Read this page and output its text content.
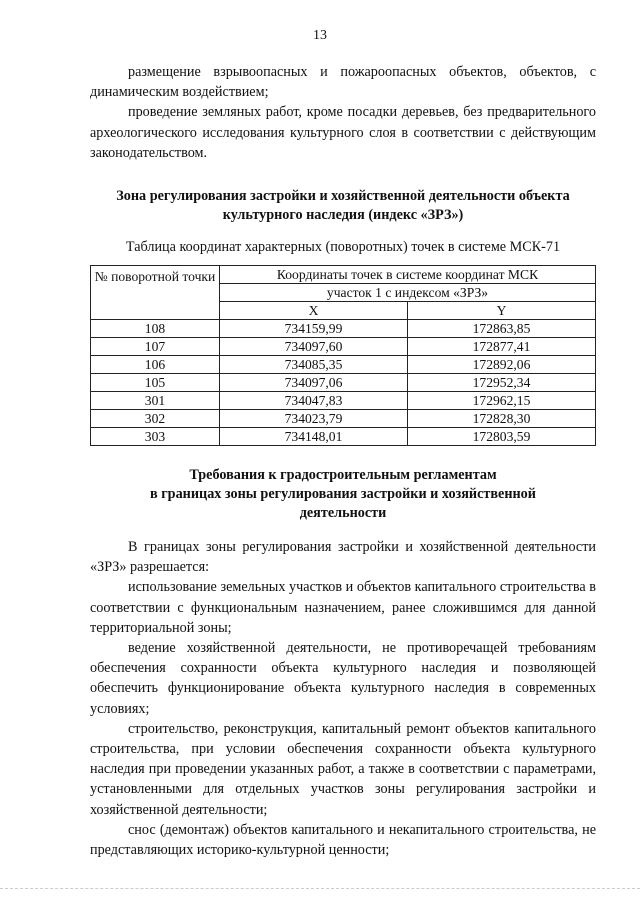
13

размещение взрывоопасных и пожароопасных объектов, объектов, с динамическим воздействием;

проведение земляных работ, кроме посадки деревьев, без предварительного археологического исследования культурного слоя в соответствии с действующим законодательством.

Зона регулирования застройки и хозяйственной деятельности объекта
культурного наследия (индекс «ЗРЗ»)

Таблица координат характерных (поворотных) точек в системе МСК-71

№ поворотной точки	Координаты точек в системе координат МСК	
	участок 1 с индексом «ЗРЗ»	
	X	Y
108	734159,99	172863,85
107	734097,60	172877,41
106	734085,35	172892,06
105	734097,06	172952,34
301	734047,83	172962,15
302	734023,79	172828,30
303	734148,01	172803,59

Требования к градостроительным регламентам
в границах зоны регулирования застройки и хозяйственной
деятельности

В границах зоны регулирования застройки и хозяйственной деятельности «ЗРЗ» разрешается:

использование земельных участков и объектов капитального строительства в соответствии с функциональным назначением, ранее сложившимся для данной территориальной зоны;

ведение хозяйственной деятельности, не противоречащей требованиям обеспечения сохранности объекта культурного наследия и позволяющей обеспечить функционирование объекта культурного наследия в современных условиях;

строительство, реконструкция, капитальный ремонт объектов капитального строительства, при условии обеспечения сохранности объекта культурного наследия при проведении указанных работ, а также в соответствии с параметрами, установленными для отдельных участков зоны регулирования застройки и хозяйственной деятельности;

снос (демонтаж) объектов капитального и некапитального строительства, не представляющих историко-культурной ценности;
